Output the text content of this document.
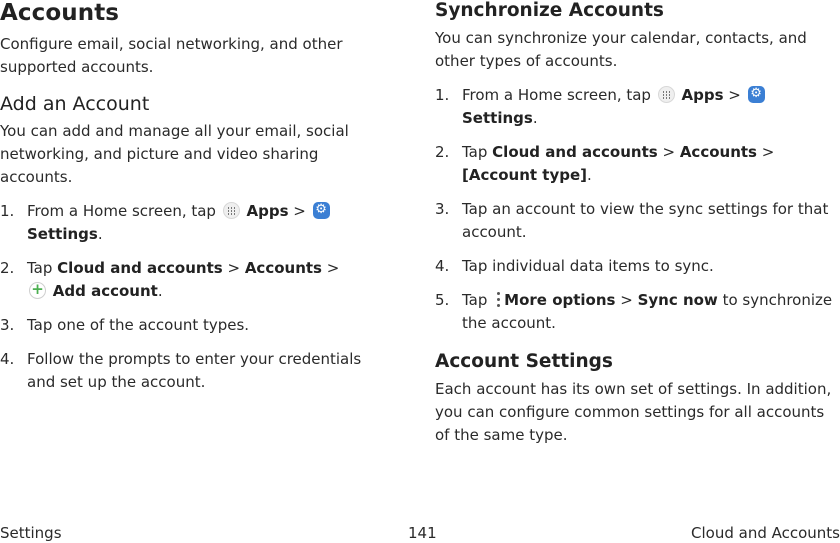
Accounts

Configure email, social networking, and other supported accounts.

Add an Account

You can add and manage all your email, social networking, and picture and video sharing accounts.

1. From a Home screen, tap  Apps > ⚙ Settings.
2. Tap Cloud and accounts > Accounts >
+ Add account.
3. Tap one of the account types.
4. Follow the prompts to enter your credentials and set up the account.
Synchronize Accounts

You can synchronize your calendar, contacts, and other types of accounts.

1. From a Home screen, tap  Apps > ⚙ Settings.
2. Tap Cloud and accounts > Accounts >
[Account type].
3. Tap an account to view the sync settings for that account.
4. Tap individual data items to sync.
5. Tap More options > Sync now to synchronize the account.
Account Settings

Each account has its own set of settings. In addition, you can configure common settings for all accounts of the same type.

Settings	141	Cloud and Accounts
